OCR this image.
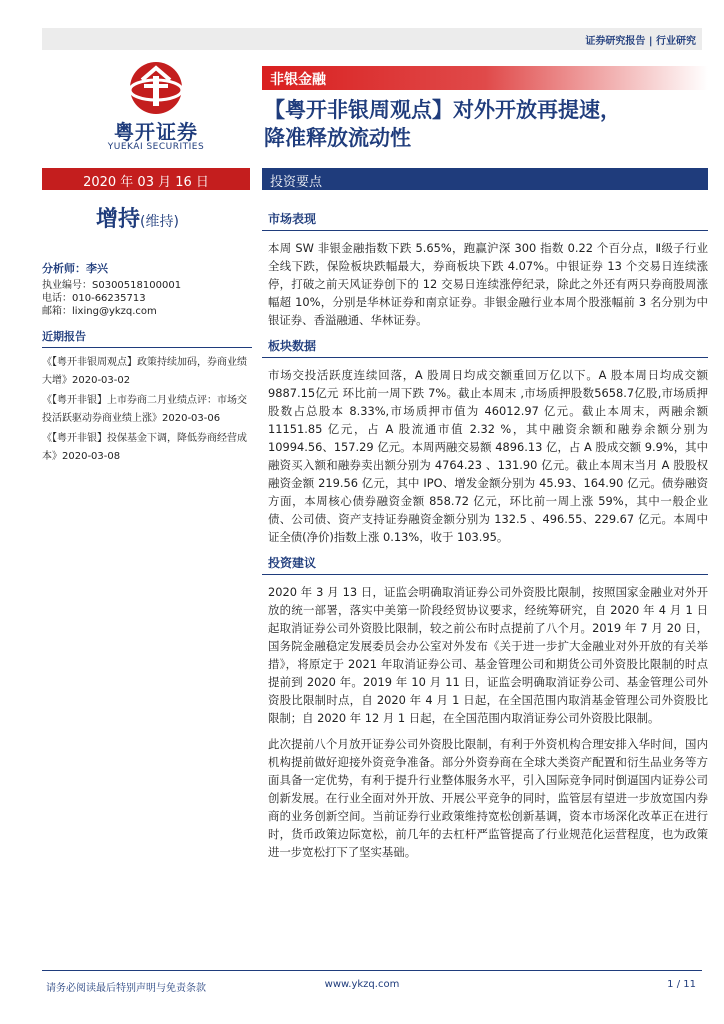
证券研究报告 | 行业研究
粤开证券
YUEKAI SECURITIES
非银金融
【粤开非银周观点】对外开放再提速，
降准释放流动性
2020 年 03 月 16 日	投资要点
增持(维持)
分析师：李兴
执业编号：S0300518100001
电话：010-66235713
邮箱：lixing@ykzq.com
近期报告
《【粤开非银周观点】政策持续加码，券商业绩大增》2020-03-02
《【粤开非银】上市券商二月业绩点评：市场交投活跃驱动券商业绩上涨》2020-03-06
《【粤开非银】投保基金下调，降低券商经营成本》2020-03-08
市场表现

本周 SW 非银金融指数下跌 5.65%，跑赢沪深 300 指数 0.22 个百分点，Ⅱ级子行业全线下跌，保险板块跌幅最大，券商板块下跌 4.07%。中银证券 13 个交易日连续涨停，打破之前天风证券创下的 12 交易日连续涨停纪录，除此之外还有两只券商股周涨幅超 10%，分别是华林证券和南京证券。非银金融行业本周个股涨幅前 3 名分别为中银证券、香溢融通、华林证券。

板块数据

市场交投活跃度连续回落，A 股周日均成交额重回万亿以下。A 股本周日均成交额9887.15亿元 环比前一周下跌 7%。截止本周末 ,市场质押股数5658.7亿股,市场质押股数占总股本 8.33%,市场质押市值为 46012.97 亿元。截止本周末，两融余额 11151.85 亿元，占 A 股流通市值 2.32 %，其中融资余额和融券余额分别为 10994.56、157.29 亿元。本周两融交易额 4896.13 亿，占 A 股成交额 9.9%，其中融资买入额和融券卖出额分别为 4764.23 、131.90 亿元。截止本周末当月 A 股股权融资金额 219.56 亿元，其中 IPO、增发金额分别为 45.93、164.90 亿元。债券融资方面，本周核心债券融资金额 858.72 亿元，环比前一周上涨 59%，其中一般企业债、公司债、资产支持证券融资金额分别为 132.5 、496.55、229.67 亿元。本周中证全债(净价)指数上涨 0.13%，收于 103.95。

投资建议

2020 年 3 月 13 日，证监会明确取消证券公司外资股比限制，按照国家金融业对外开放的统一部署，落实中美第一阶段经贸协议要求，经统筹研究，自 2020 年 4 月 1 日起取消证券公司外资股比限制，较之前公布时点提前了八个月。2019 年 7 月 20 日，国务院金融稳定发展委员会办公室对外发布《关于进一步扩大金融业对外开放的有关举措》，将原定于 2021 年取消证券公司、基金管理公司和期货公司外资股比限制的时点提前到 2020 年。2019 年 10 月 11 日，证监会明确取消证券公司、基金管理公司外资股比限制时点，自 2020 年 4 月 1 日起，在全国范围内取消基金管理公司外资股比限制；自 2020 年 12 月 1 日起，在全国范围内取消证券公司外资股比限制。

此次提前八个月放开证券公司外资股比限制，有利于外资机构合理安排入华时间，国内机构提前做好迎接外资竞争准备。部分外资券商在全球大类资产配置和衍生品业务等方面具备一定优势，有利于提升行业整体服务水平，引入国际竞争同时倒逼国内证券公司创新发展。在行业全面对外开放、开展公平竞争的同时，监管层有望进一步放宽国内券商的业务创新空间。当前证券行业政策维持宽松创新基调，资本市场深化改革正在进行时，货币政策边际宽松，前几年的去杠杆严监管提高了行业规范化运营程度，也为政策进一步宽松打下了坚实基础。

请务必阅读最后特别声明与免责条款	www.ykzq.com	1 / 11
